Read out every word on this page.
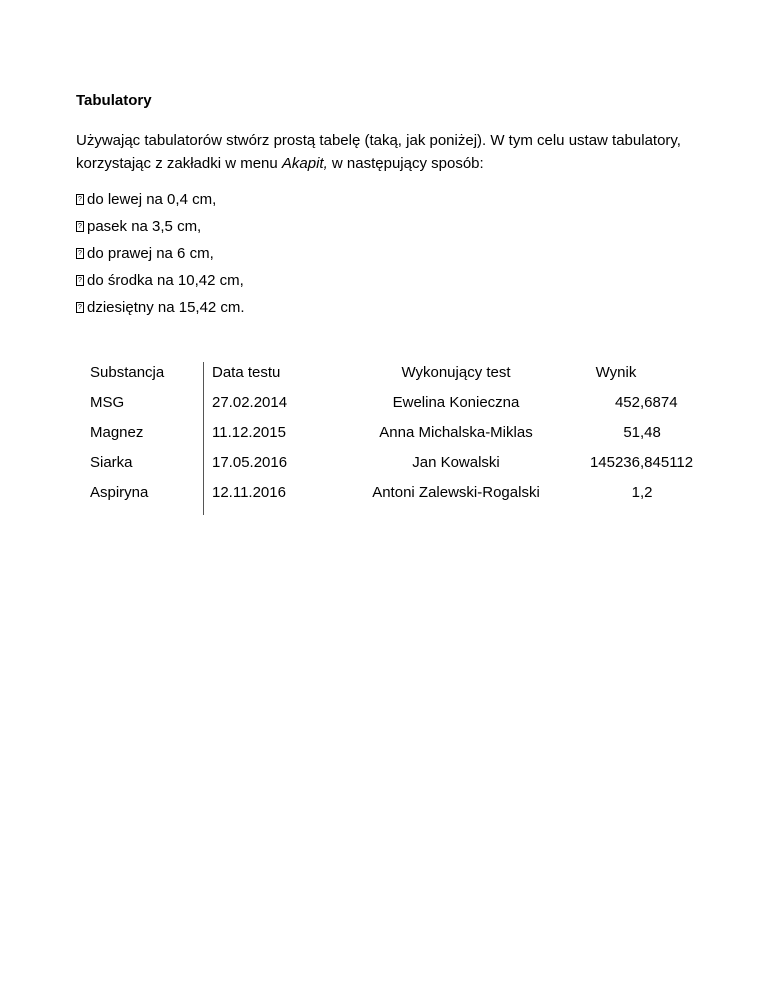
Tabulatory

Używając tabulatorów stwórz prostą tabelę (taką, jak poniżej). W tym celu ustaw tabulatory, korzystając z zakładki w menu Akapit, w następujący sposób:

?do lewej na 0,4 cm,
?pasek na 3,5 cm,
?do prawej na 6 cm,
?do środka na 10,42 cm,
?dziesiętny na 15,42 cm.
Substancja	Data testu	Wykonujący test	Wynik
MSG	27.02.2014	Ewelina Konieczna	452 ,6874
Magnez	11.12.2015	Anna Michalska-Miklas	51 ,48
Siarka	17.05.2016	Jan Kowalski	145236 ,845112
Aspiryna	12.11.2016	Antoni Zalewski-Rogalski	1 ,2
